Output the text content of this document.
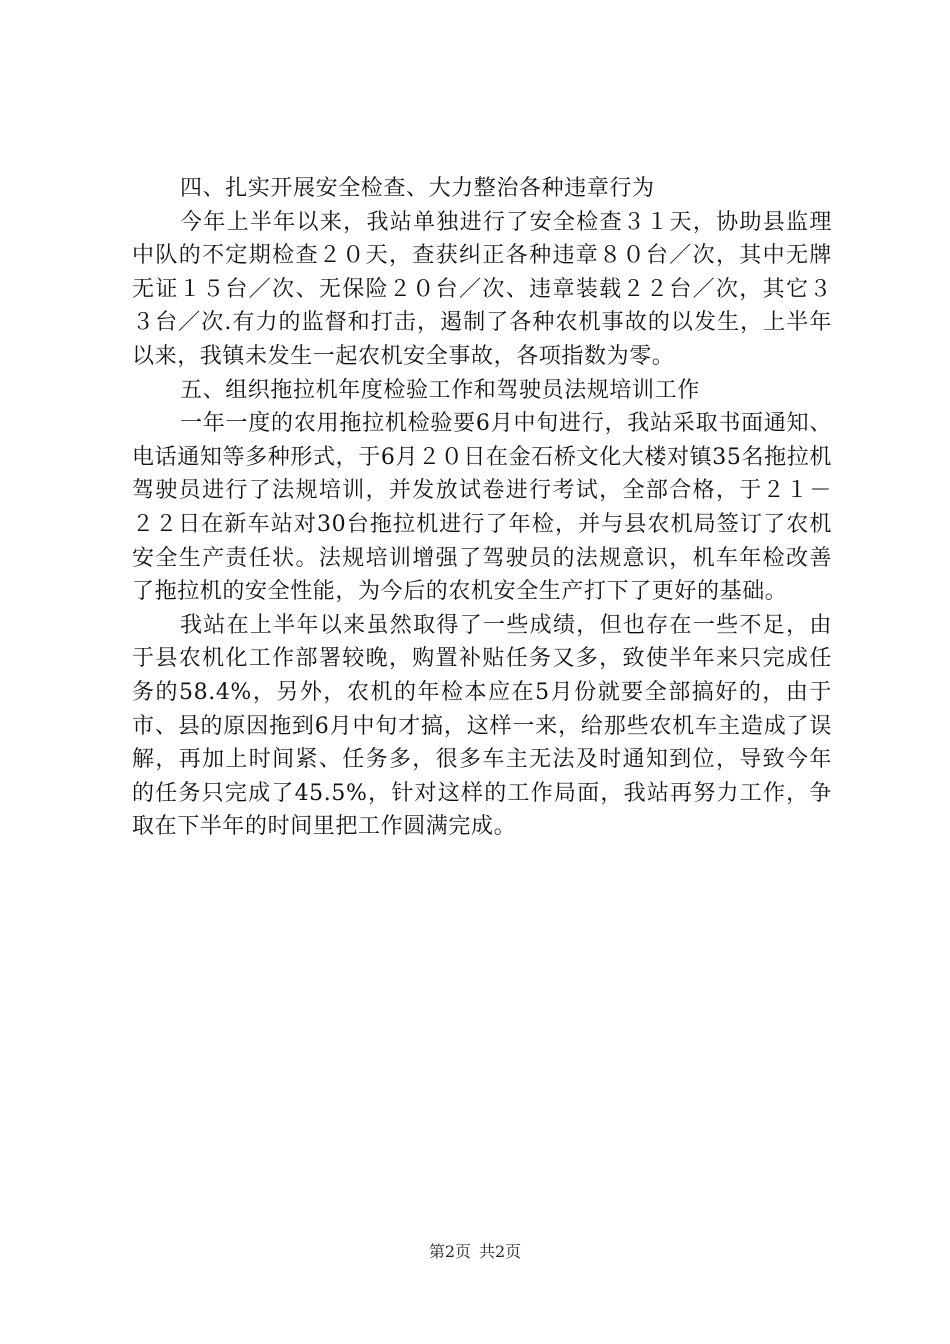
四、扎实开展安全检查、大力整治各种违章行为

今年上半年以来，我站单独进行了安全检查３１天，协助县监理中队的不定期检查２０天，查获纠正各种违章８０台／次，其中无牌无证１５台／次、无保险２０台／次、违章装载２２台／次，其它３３台／次.有力的监督和打击，遏制了各种农机事故的以发生，上半年以来，我镇未发生一起农机安全事故，各项指数为零。

五、组织拖拉机年度检验工作和驾驶员法规培训工作

一年一度的农用拖拉机检验要6月中旬进行，我站采取书面通知、电话通知等多种形式，于6月２０日在金石桥文化大楼对镇35名拖拉机驾驶员进行了法规培训，并发放试卷进行考试，全部合格，于２１－２２日在新车站对30台拖拉机进行了年检，并与县农机局签订了农机安全生产责任状。法规培训增强了驾驶员的法规意识，机车年检改善了拖拉机的安全性能，为今后的农机安全生产打下了更好的基础。

我站在上半年以来虽然取得了一些成绩，但也存在一些不足，由于县农机化工作部署较晚，购置补贴任务又多，致使半年来只完成任务的58.4%，另外，农机的年检本应在5月份就要全部搞好的，由于市、县的原因拖到6月中旬才搞，这样一来，给那些农机车主造成了误解，再加上时间紧、任务多，很多车主无法及时通知到位，导致今年的任务只完成了45.5%，针对这样的工作局面，我站再努力工作，争取在下半年的时间里把工作圆满完成。

第2页 共2页
